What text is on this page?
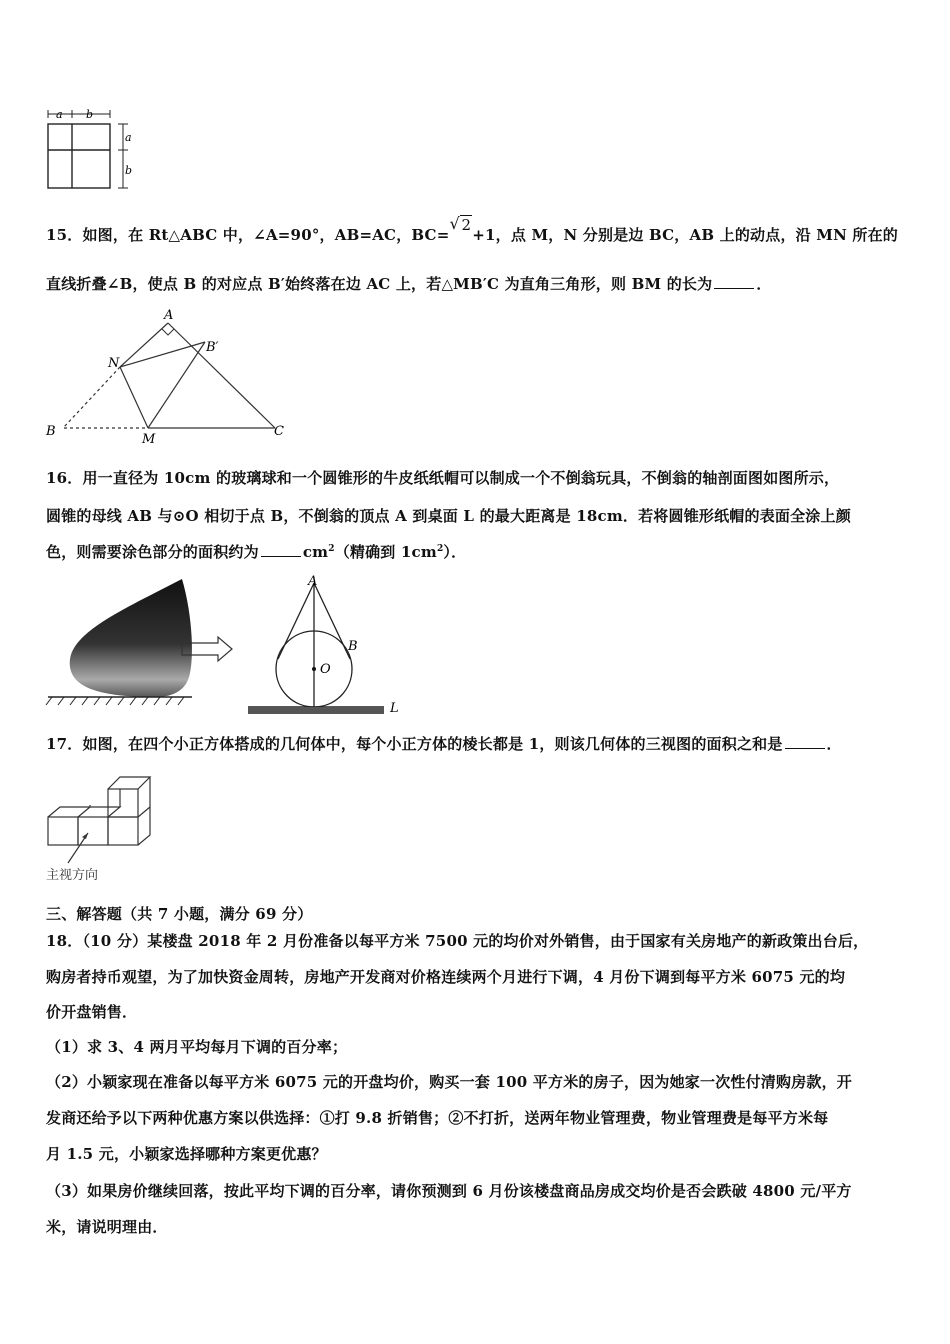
a b
a
b
15．如图，在 Rt△ABC 中，∠A=90°，AB=AC，BC=
√ 2+1，点 M，N 分别是边 BC，AB 上的动点，沿 MN 所在的
直线折叠∠B，使点 B 的对应点 B′始终落在边 AC 上，若△MB′C 为直角三角形，则 BM 的长为	．
A
B′
N
B
M
C
16．用一直径为 10cm 的玻璃球和一个圆锥形的牛皮纸纸帽可以制成一个不倒翁玩具，不倒翁的轴剖面图如图所示，
圆锥的母线 AB 与⊙O 相切于点 B，不倒翁的顶点 A 到桌面 L 的最大距离是 18cm．若将圆锥形纸帽的表面全涂上颜
色，则需要涂色部分的面积约为	$cm^2$（精确到 $1cm^2$）．
A
B
O
L
17．如图，在四个小正方体搭成的几何体中，每个小正方体的棱长都是 1，则该几何体的三视图的面积之和是	．
主视方向
三、解答题（共 7 小题，满分 69 分）
18．（10 分）某楼盘 2018 年 2 月份准备以每平方米 7500 元的均价对外销售，由于国家有关房地产的新政策出台后，
购房者持币观望，为了加快资金周转，房地产开发商对价格连续两个月进行下调，4 月份下调到每平方米 6075 元的均
价开盘销售．
（1）求 3、4 两月平均每月下调的百分率；
（2）小颖家现在准备以每平方米 6075 元的开盘均价，购买一套 100 平方米的房子，因为她家一次性付清购房款，开
发商还给予以下两种优惠方案以供选择：①打 9.8 折销售；②不打折，送两年物业管理费，物业管理费是每平方米每
月 1.5 元，小颖家选择哪种方案更优惠？
（3）如果房价继续回落，按此平均下调的百分率，请你预测到 6 月份该楼盘商品房成交均价是否会跌破 4800 元/平方
米，请说明理由．
